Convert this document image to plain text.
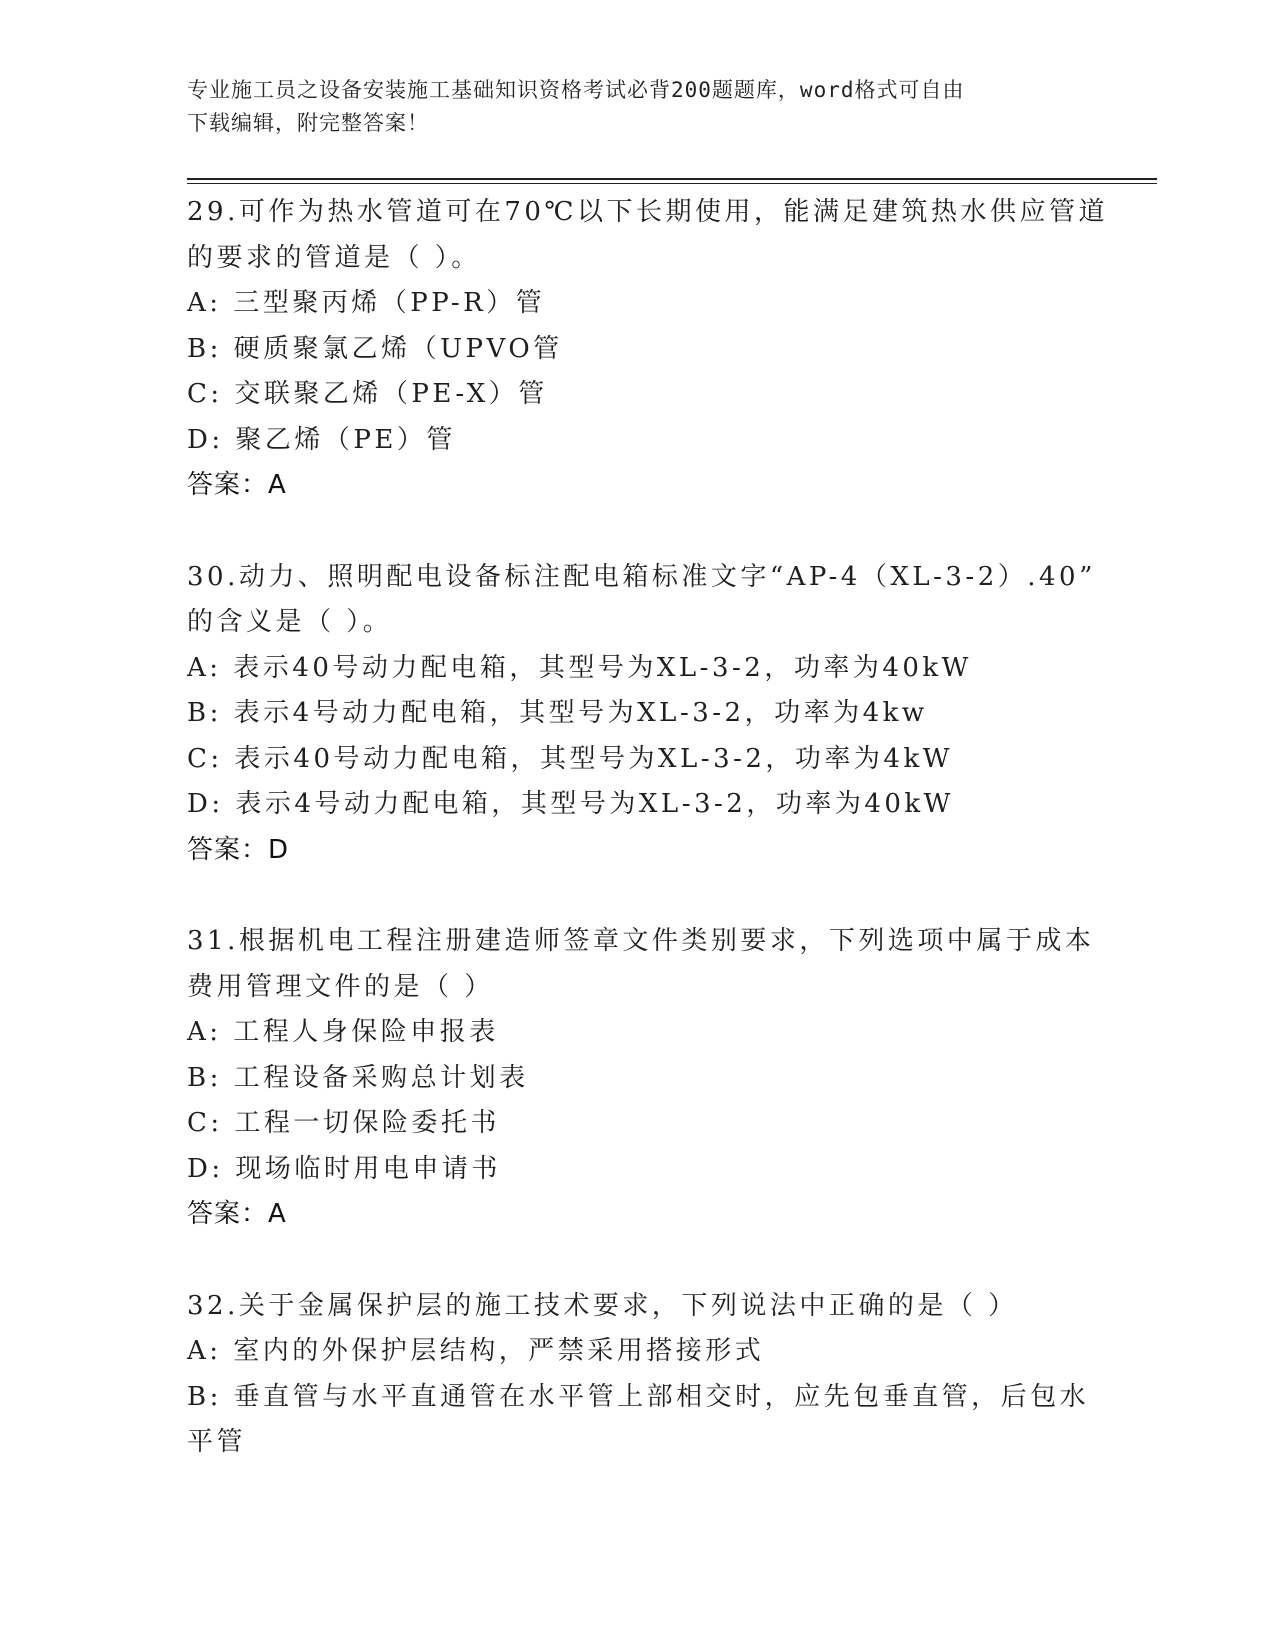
专业施工员之设备安装施工基础知识资格考试必背200题题库，word格式可自由
下载编辑，附完整答案！
29.可作为热水管道可在70℃以下长期使用，能满足建筑热水供应管道
的要求的管道是（ ）。
A: 三型聚丙烯（PP-R）管
B: 硬质聚氯乙烯（UPVO管
C: 交联聚乙烯（PE-X）管
D: 聚乙烯（PE）管
答案：A
30.动力、照明配电设备标注配电箱标准文字“AP-4（XL-3-2）.40”
的含义是（ ）。
A: 表示40号动力配电箱，其型号为XL-3-2，功率为40kW
B: 表示4号动力配电箱，其型号为XL-3-2，功率为4kw
C: 表示40号动力配电箱，其型号为XL-3-2，功率为4kW
D: 表示4号动力配电箱，其型号为XL-3-2，功率为40kW
答案：D
31.根据机电工程注册建造师签章文件类别要求，下列选项中属于成本
费用管理文件的是（ ）
A: 工程人身保险申报表
B: 工程设备采购总计划表
C: 工程一切保险委托书
D: 现场临时用电申请书
答案：A
32.关于金属保护层的施工技术要求，下列说法中正确的是（ ）
A: 室内的外保护层结构，严禁采用搭接形式
B: 垂直管与水平直通管在水平管上部相交时，应先包垂直管，后包水
平管
